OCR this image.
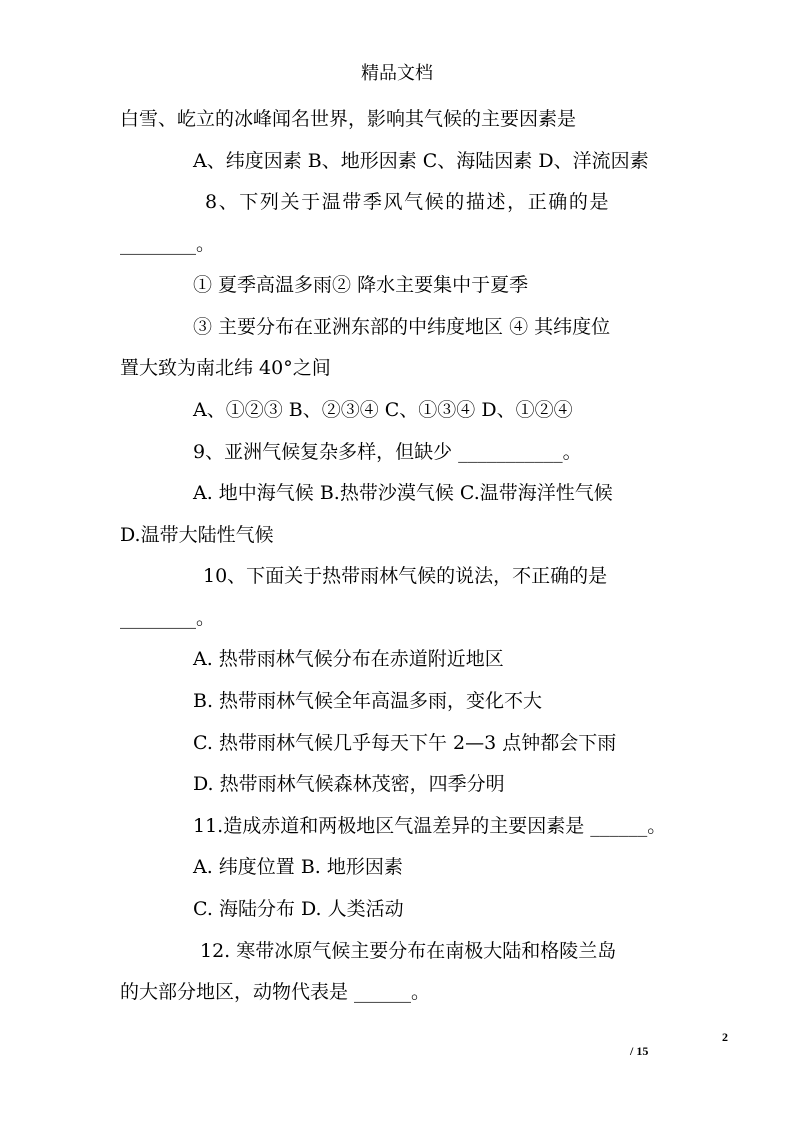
精品文档
白雪、屹立的冰峰闻名世界，影响其气候的主要因素是
A、纬度因素 B、地形因素 C、海陆因素 D、洋流因素
8、下列关于温带季风气候的描述，正确的是
________。
① 夏季高温多雨② 降水主要集中于夏季
③ 主要分布在亚洲东部的中纬度地区 ④ 其纬度位
置大致为南北纬 40°之间
A、①②③ B、②③④ C、①③④ D、①②④
9、亚洲气候复杂多样，但缺少 ___________。
A. 地中海气候 B.热带沙漠气候 C.温带海洋性气候
D.温带大陆性气候
10、下面关于热带雨林气候的说法，不正确的是
________。
A. 热带雨林气候分布在赤道附近地区
B. 热带雨林气候全年高温多雨，变化不大
C. 热带雨林气候几乎每天下午 2—3 点钟都会下雨
D. 热带雨林气候森林茂密，四季分明
11.造成赤道和两极地区气温差异的主要因素是 ______。
A. 纬度位置 B. 地形因素
C. 海陆分布 D. 人类活动
12. 寒带冰原气候主要分布在南极大陆和格陵兰岛
的大部分地区，动物代表是 ______。
2
/ 15
